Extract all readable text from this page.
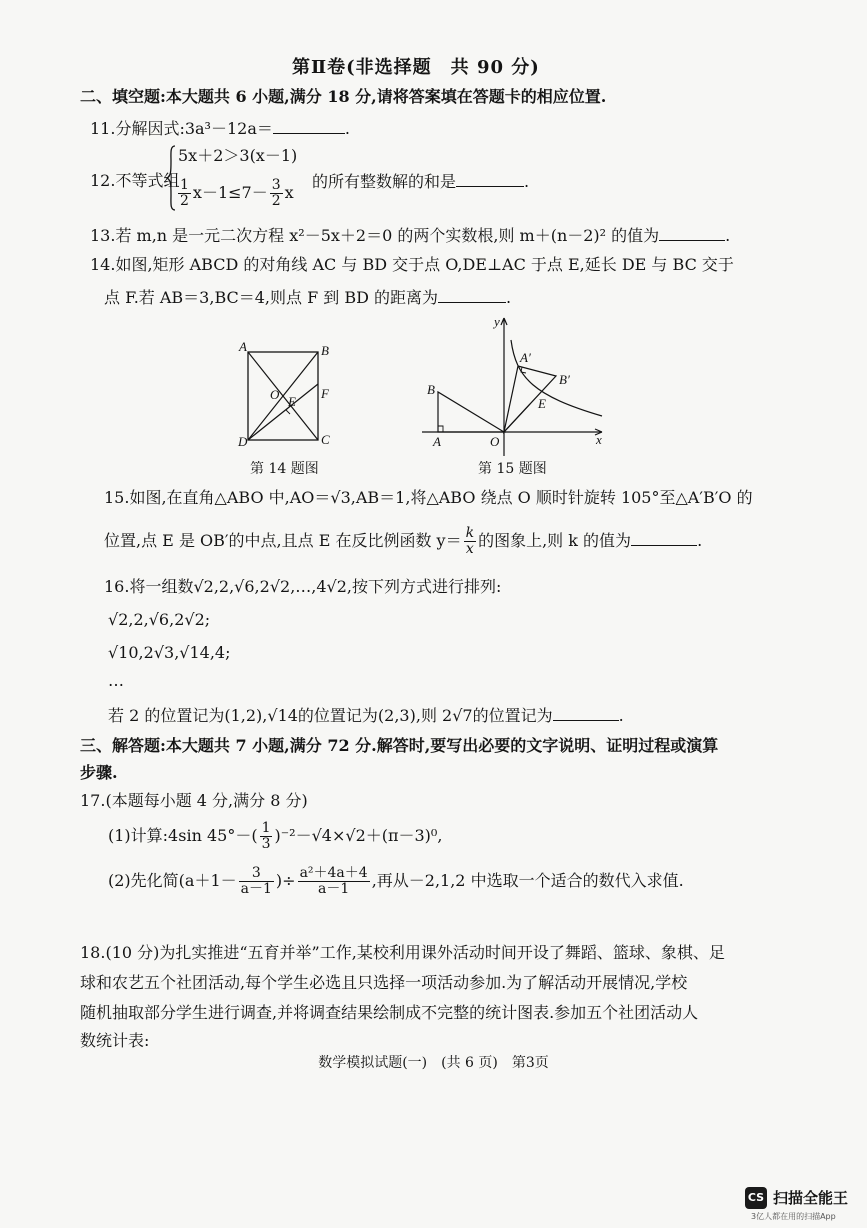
第Ⅱ卷(非选择题　共 90 分)
二、填空题:本大题共 6 小题,满分 18 分,请将答案填在答题卡的相应位置.
11.分解因式:3a³－12a＝	.
12.不等式组
5x＋2＞3(x－1)
$\frac{1}{2} x-1\le 7- \frac{3}{2}$ x
的所有整数解的和是	.
13.若 m,n 是一元二次方程 x²－5x＋2＝0 的两个实数根,则 m＋(n－2)² 的值为	.
14.如图,矩形 ABCD 的对角线 AC 与 BD 交于点 O,DE⊥AC 于点 E,延长 DE 与 BC 交于
点 F.若 AB＝3,BC＝4,则点 F 到 BD 的距离为	.
A	B
C
D
O E
F
第 14 题图
y
x
O
A
B
A′
B′
E
第 15 题图
15.如图,在直角△ABO 中,AO＝√3,AB＝1,将△ABO 绕点 O 顺时针旋转 105°至△A′B′O 的
位置,点 E 是 OB′的中点,且点 E 在反比例函数 $y= \frac{k}{x}$ 的图象上,则 k 的值为	.
16.将一组数√2,2,√6,2√2,…,4√2,按下列方式进行排列:
√2,2,√6,2√2;
√10,2√3,√14,4;
…
若 2 的位置记为(1,2),√14的位置记为(2,3),则 2√7的位置记为	.
三、解答题:本大题共 7 小题,满分 72 分.解答时,要写出必要的文字说明、证明过程或演算
步骤.
17.(本题每小题 4 分,满分 8 分)
(1)计算:4sin $45^\circ-( \frac{1}{3} )^{-2}-√4\times√2+(\pi-3)^0$,
(2)先化简($a+1- \frac{3}{a-1}$ )÷ $\frac{\text{a²＋4a＋4}}{a-1}$ ,再从－2,1,2 中选取一个适合的数代入求值.
18.(10 分)为扎实推进“五育并举”工作,某校利用课外活动时间开设了舞蹈、篮球、象棋、足
球和农艺五个社团活动,每个学生必选且只选择一项活动参加.为了解活动开展情况,学校
随机抽取部分学生进行调查,并将调查结果绘制成不完整的统计图表.参加五个社团活动人
数统计表:
数学模拟试题(一)　(共 6 页)　第3页
CS 扫描全能王
3亿人都在用的扫描App
